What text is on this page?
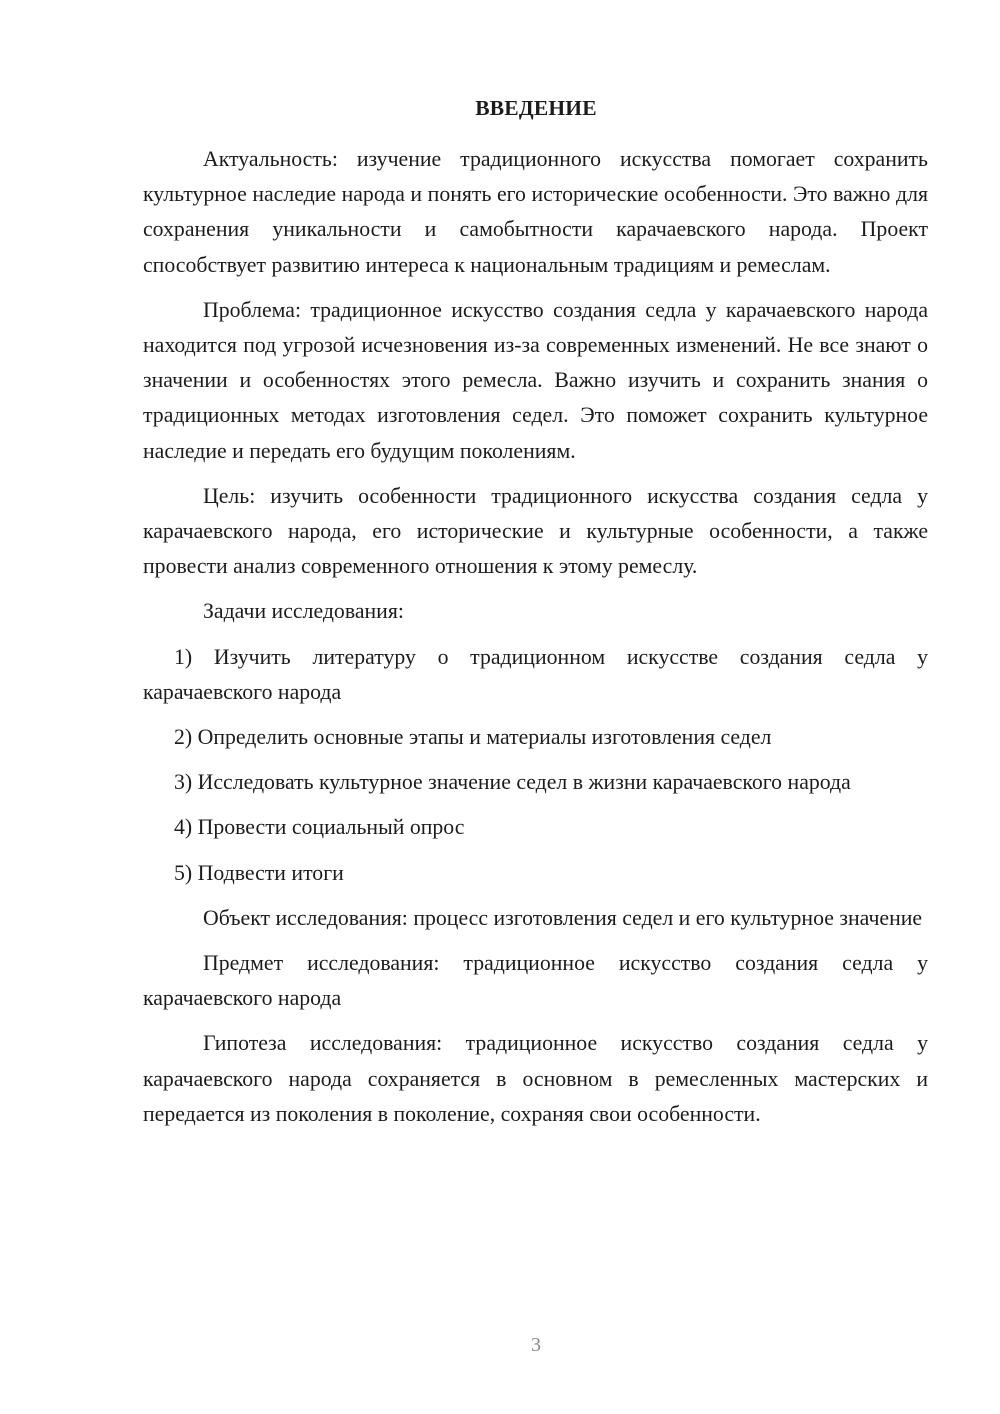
ВВЕДЕНИЕ

Актуальность: изучение традиционного искусства помогает сохранить культурное наследие народа и понять его исторические особенности. Это важно для сохранения уникальности и самобытности карачаевского народа. Проект способствует развитию интереса к национальным традициям и ремеслам.

Проблема: традиционное искусство создания седла у карачаевского народа находится под угрозой исчезновения из-за современных изменений. Не все знают о значении и особенностях этого ремесла. Важно изучить и сохранить знания о традиционных методах изготовления седел. Это поможет сохранить культурное наследие и передать его будущим поколениям.

Цель: изучить особенности традиционного искусства создания седла у карачаевского народа, его исторические и культурные особенности, а также провести анализ современного отношения к этому ремеслу.

Задачи исследования:

1) Изучить литературу о традиционном искусстве создания седла у карачаевского народа

2) Определить основные этапы и материалы изготовления седел

3) Исследовать культурное значение седел в жизни карачаевского народа

4) Провести социальный опрос

5) Подвести итоги

Объект исследования: процесс изготовления седел и его культурное значение

Предмет исследования: традиционное искусство создания седла у карачаевского народа

Гипотеза исследования: традиционное искусство создания седла у карачаевского народа сохраняется в основном в ремесленных мастерских и передается из поколения в поколение, сохраняя свои особенности.

3
